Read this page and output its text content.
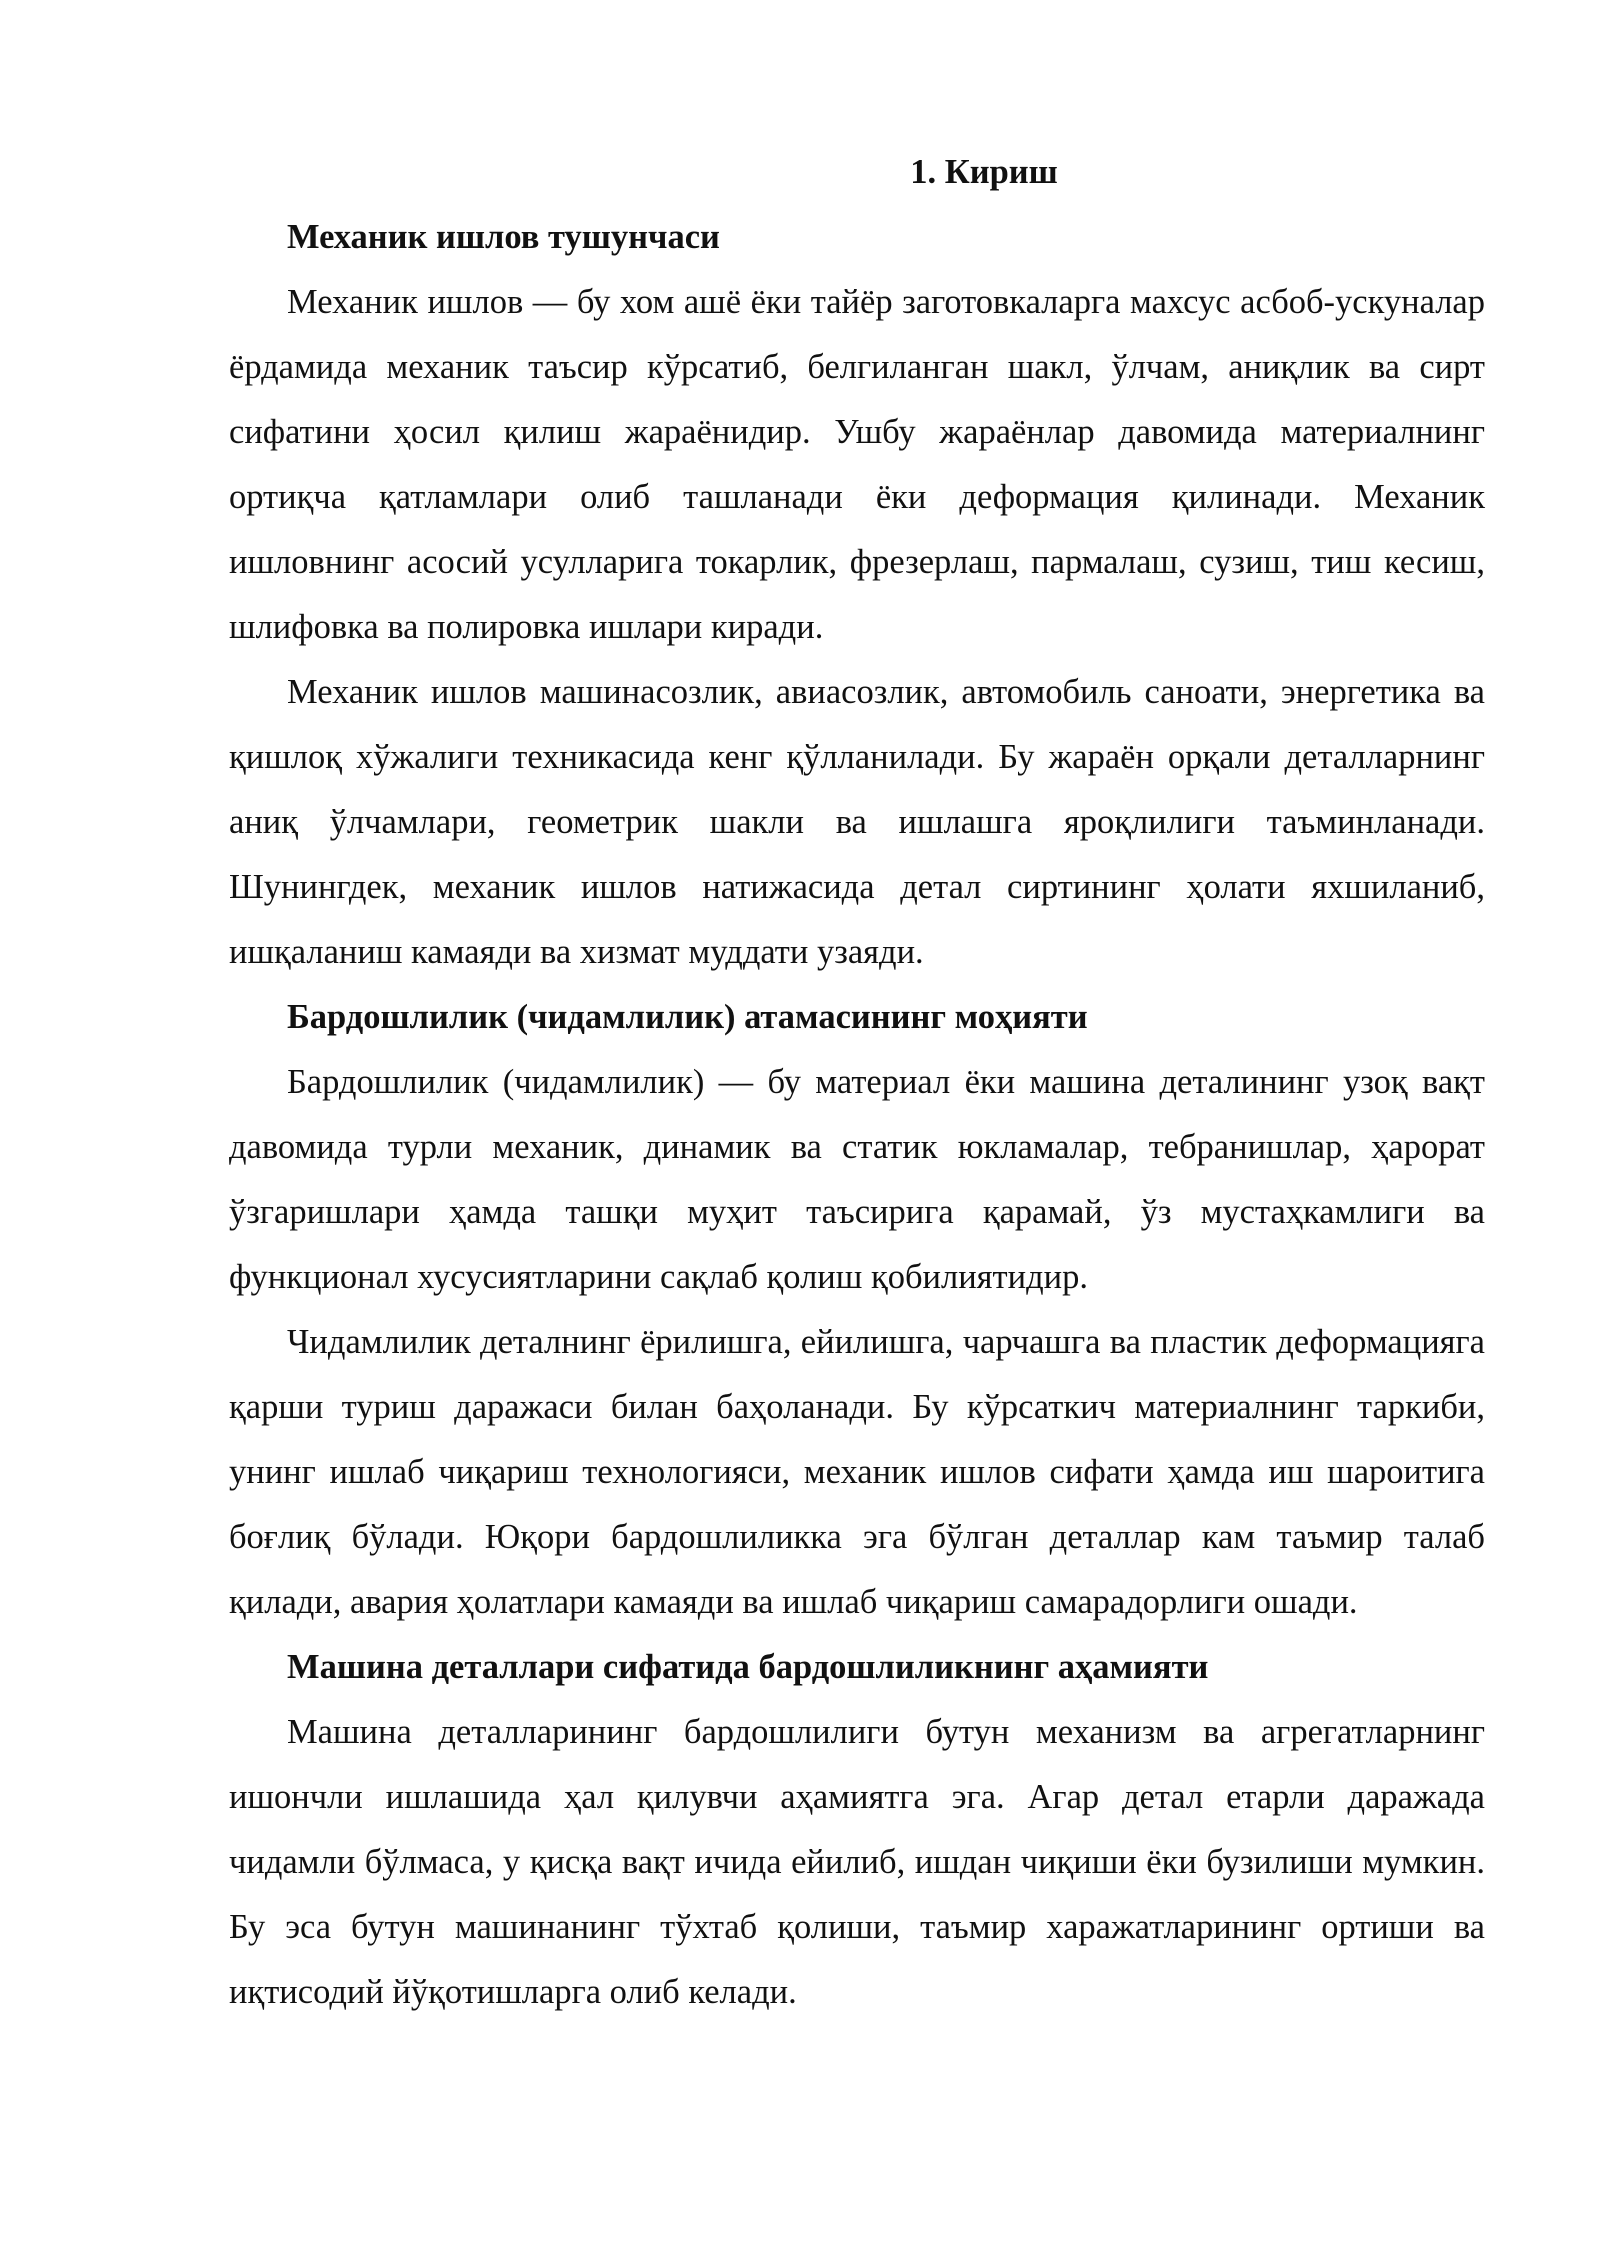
1. Кириш

Механик ишлов тушунчаси

Механик ишлов — бу хом ашё ёки тайёр заготовкаларга махсус асбоб-ускуналар ёрдамида механик таъсир кўрсатиб, белгиланган шакл, ўлчам, аниқлик ва сирт сифатини ҳосил қилиш жараёнидир. Ушбу жараёнлар давомида материалнинг ортиқча қатламлари олиб ташланади ёки деформация қилинади. Механик ишловнинг асосий усулларига токарлик, фрезерлаш, пармалаш, сузиш, тиш кесиш, шлифовка ва полировка ишлари киради.

Механик ишлов машинасозлик, авиасозлик, автомобиль саноати, энергетика ва қишлоқ хўжалиги техникасида кенг қўлланилади. Бу жараён орқали деталларнинг аниқ ўлчамлари, геометрик шакли ва ишлашга яроқлилиги таъминланади. Шунингдек, механик ишлов натижасида детал сиртининг ҳолати яхшиланиб, ишқаланиш камаяди ва хизмат муддати узаяди.

Бардошлилик (чидамлилик) атамасининг моҳияти

Бардошлилик (чидамлилик) — бу материал ёки машина деталининг узоқ вақт давомида турли механик, динамик ва статик юкламалар, тебранишлар, ҳарорат ўзгаришлари ҳамда ташқи муҳит таъсирига қарамай, ўз мустаҳкамлиги ва функционал хусусиятларини сақлаб қолиш қобилиятидир.

Чидамлилик деталнинг ёрилишга, ейилишга, чарчашга ва пластик деформацияга қарши туриш даражаси билан баҳоланади. Бу кўрсаткич материалнинг таркиби, унинг ишлаб чиқариш технологияси, механик ишлов сифати ҳамда иш шароитига боғлиқ бўлади. Юқори бардошлиликка эга бўлган деталлар кам таъмир талаб қилади, авария ҳолатлари камаяди ва ишлаб чиқариш самарадорлиги ошади.

Машина деталлари сифатида бардошлиликнинг аҳамияти

Машина деталларининг бардошлилиги бутун механизм ва агрегатларнинг ишончли ишлашида ҳал қилувчи аҳамиятга эга. Агар детал етарли даражада чидамли бўлмаса, у қисқа вақт ичида ейилиб, ишдан чиқиши ёки бузилиши мумкин. Бу эса бутун машинанинг тўхтаб қолиши, таъмир харажатларининг ортиши ва иқтисодий йўқотишларга олиб келади.
